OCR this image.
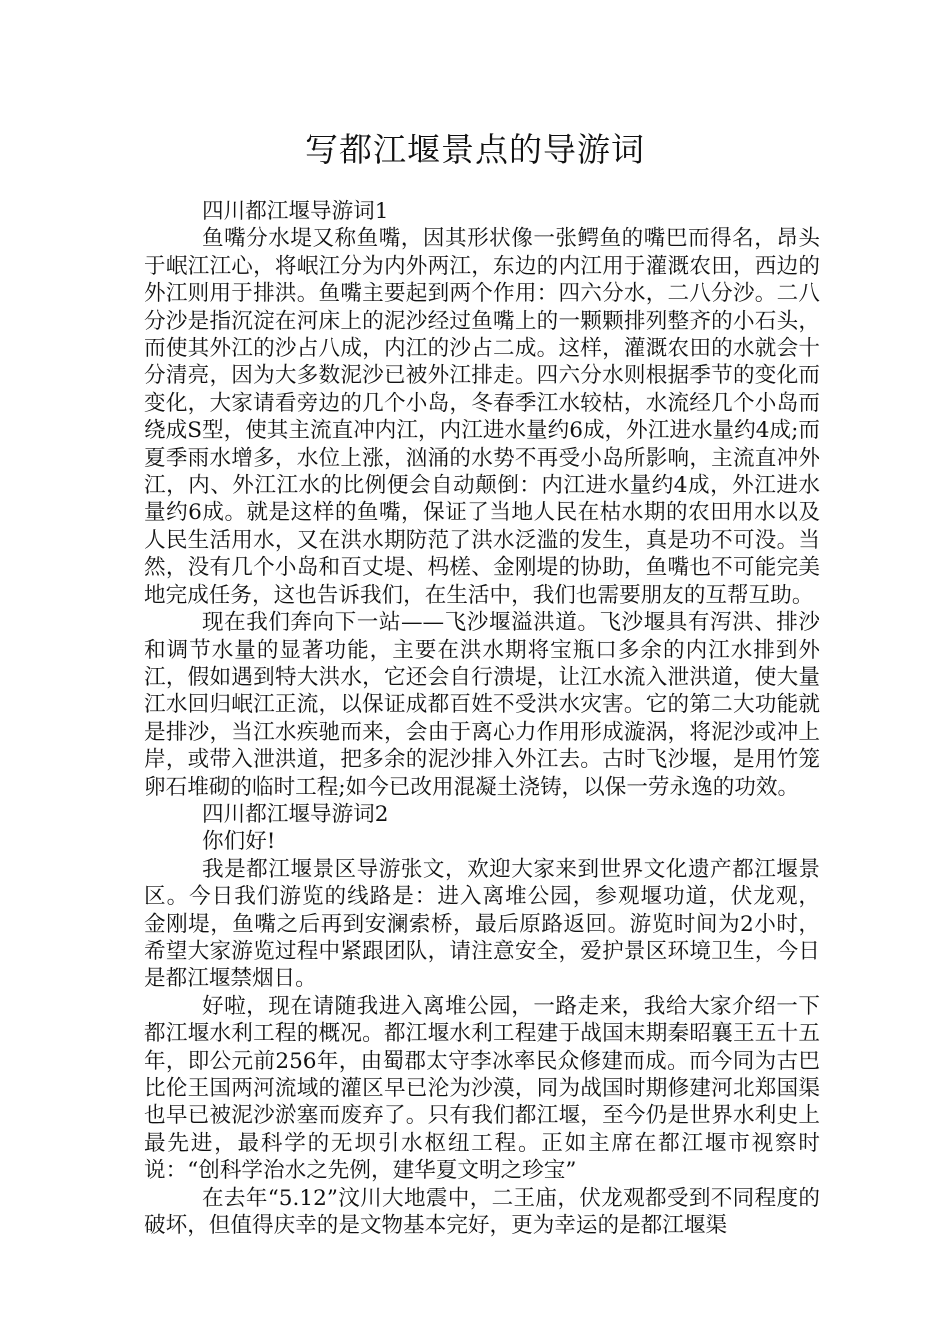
写都江堰景点的导游词

四川都江堰导游词1

鱼嘴分水堤又称鱼嘴，因其形状像一张鳄鱼的嘴巴而得名，昂头于岷江江心，将岷江分为内外两江，东边的内江用于灌溉农田，西边的外江则用于排洪。鱼嘴主要起到两个作用：四六分水，二八分沙。二八分沙是指沉淀在河床上的泥沙经过鱼嘴上的一颗颗排列整齐的小石头，而使其外江的沙占八成，内江的沙占二成。这样，灌溉农田的水就会十分清亮，因为大多数泥沙已被外江排走。四六分水则根据季节的变化而变化，大家请看旁边的几个小岛，冬春季江水较枯，水流经几个小岛而绕成S型，使其主流直冲内江，内江进水量约6成，外江进水量约4成;而夏季雨水增多，水位上涨，汹涌的水势不再受小岛所影响，主流直冲外江，内、外江江水的比例便会自动颠倒：内江进水量约4成，外江进水量约6成。就是这样的鱼嘴，保证了当地人民在枯水期的农田用水以及人民生活用水，又在洪水期防范了洪水泛滥的发生，真是功不可没。当然，没有几个小岛和百丈堤、杩槎、金刚堤的协助，鱼嘴也不可能完美地完成任务，这也告诉我们，在生活中，我们也需要朋友的互帮互助。

现在我们奔向下一站——飞沙堰溢洪道。飞沙堰具有泻洪、排沙和调节水量的显著功能，主要在洪水期将宝瓶口多余的内江水排到外江，假如遇到特大洪水，它还会自行溃堤，让江水流入泄洪道，使大量江水回归岷江正流，以保证成都百姓不受洪水灾害。它的第二大功能就是排沙，当江水疾驰而来，会由于离心力作用形成漩涡，将泥沙或冲上岸，或带入泄洪道，把多余的泥沙排入外江去。古时飞沙堰，是用竹笼卵石堆砌的临时工程;如今已改用混凝土浇铸，以保一劳永逸的功效。

四川都江堰导游词2

你们好!

我是都江堰景区导游张文，欢迎大家来到世界文化遗产都江堰景区。今日我们游览的线路是：进入离堆公园，参观堰功道，伏龙观， 金刚堤，鱼嘴之后再到安澜索桥，最后原路返回。游览时间为2小时，希望大家游览过程中紧跟团队，请注意安全，爱护景区环境卫生，今日是都江堰禁烟日。

好啦，现在请随我进入离堆公园，一路走来，我给大家介绍一下都江堰水利工程的概况。都江堰水利工程建于战国末期秦昭襄王五十五年，即公元前256年，由蜀郡太守李冰率民众修建而成。而今同为古巴比伦王国两河流域的灌区早已沦为沙漠，同为战国时期修建河北郑国渠也早已被泥沙淤塞而废弃了。只有我们都江堰，至今仍是世界水利史上最先进，最科学的无坝引水枢纽工程。正如主席在都江堰市视察时说：“创科学治水之先例，建华夏文明之珍宝”

在去年“5.12”汶川大地震中，二王庙，伏龙观都受到不同程度的破坏，但值得庆幸的是文物基本完好，更为幸运的是都江堰渠
